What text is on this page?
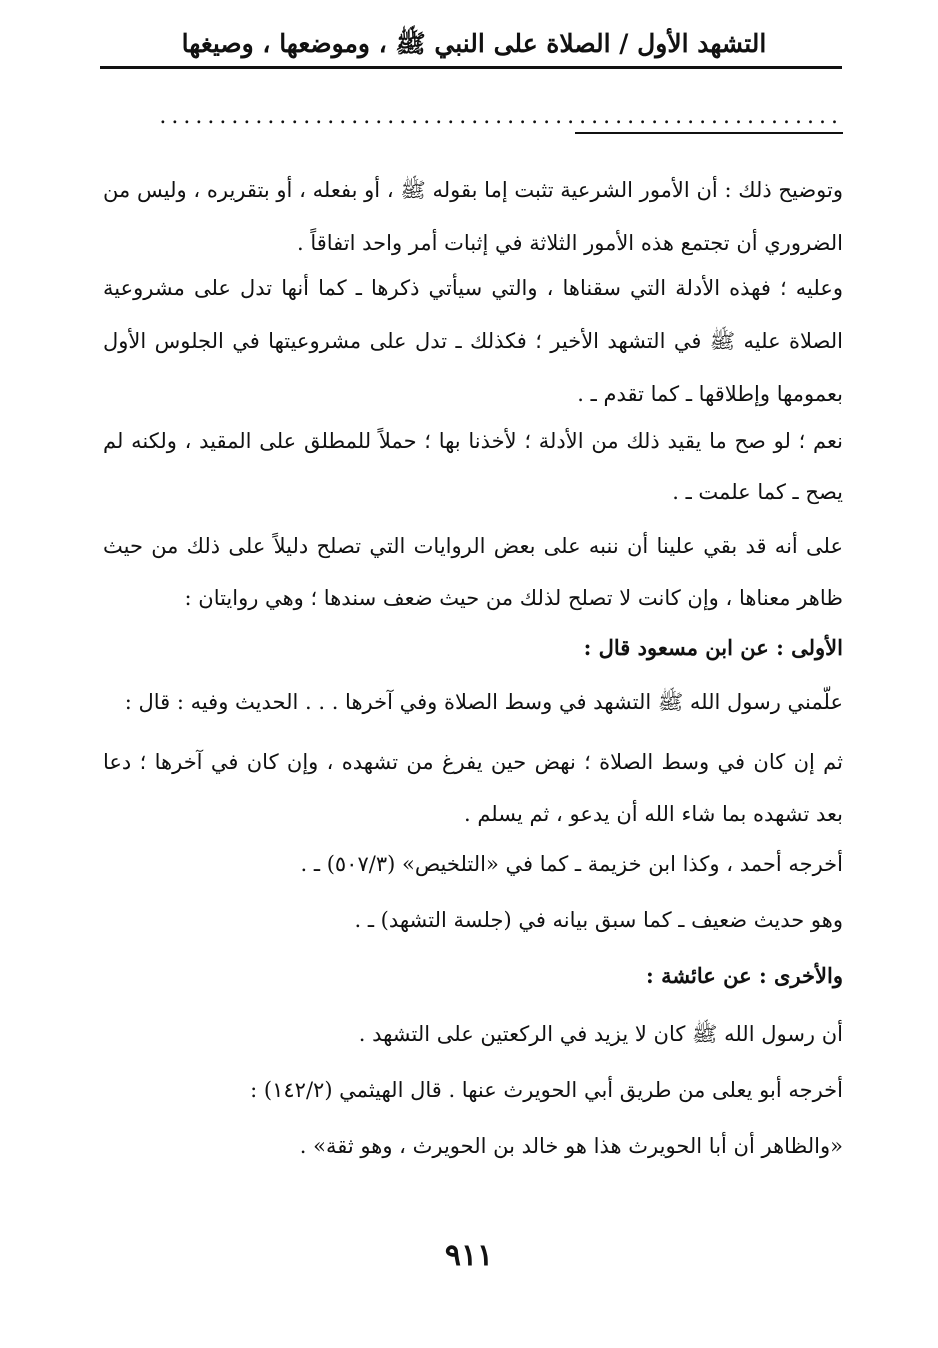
التشهد الأول / الصلاة على النبي ﷺ ، وموضعها ، وصيغها
.........................................................

وتوضيح ذلك : أن الأمور الشرعية تثبت إما بقوله ﷺ ، أو بفعله ، أو بتقريره ، وليس من الضروري أن تجتمع هذه الأمور الثلاثة في إثبات أمر واحد اتفاقاً .

وعليه ؛ فهذه الأدلة التي سقناها ، والتي سيأتي ذكرها ـ كما أنها تدل على مشروعية الصلاة عليه ﷺ في التشهد الأخير ؛ فكذلك ـ تدل على مشروعيتها في الجلوس الأول بعمومها وإطلاقها ـ كما تقدم ـ .

نعم ؛ لو صح ما يقيد ذلك من الأدلة ؛ لأخذنا بها ؛ حملاً للمطلق على المقيد ، ولكنه لم يصح ـ كما علمت ـ .

على أنه قد بقي علينا أن ننبه على بعض الروايات التي تصلح دليلاً على ذلك من حيث ظاهر معناها ، وإن كانت لا تصلح لذلك من حيث ضعف سندها ؛ وهي روايتان :

الأولى : عن ابن مسعود قال :

علّمني رسول الله ﷺ التشهد في وسط الصلاة وفي آخرها . . . الحديث وفيه : قال :

ثم إن كان في وسط الصلاة ؛ نهض حين يفرغ من تشهده ، وإن كان في آخرها ؛ دعا بعد تشهده بما شاء الله أن يدعو ، ثم يسلم .

أخرجه أحمد ، وكذا ابن خزيمة ـ كما في «التلخيص» (٥٠٧/٣) ـ .

وهو حديث ضعيف ـ كما سبق بيانه في (جلسة التشهد) ـ .

والأخرى : عن عائشة :

أن رسول الله ﷺ كان لا يزيد في الركعتين على التشهد .

أخرجه أبو يعلى من طريق أبي الحويرث عنها . قال الهيثمي (١٤٢/٢) :

«والظاهر أن أبا الحويرث هذا هو خالد بن الحويرث ، وهو ثقة» .

٩١١
